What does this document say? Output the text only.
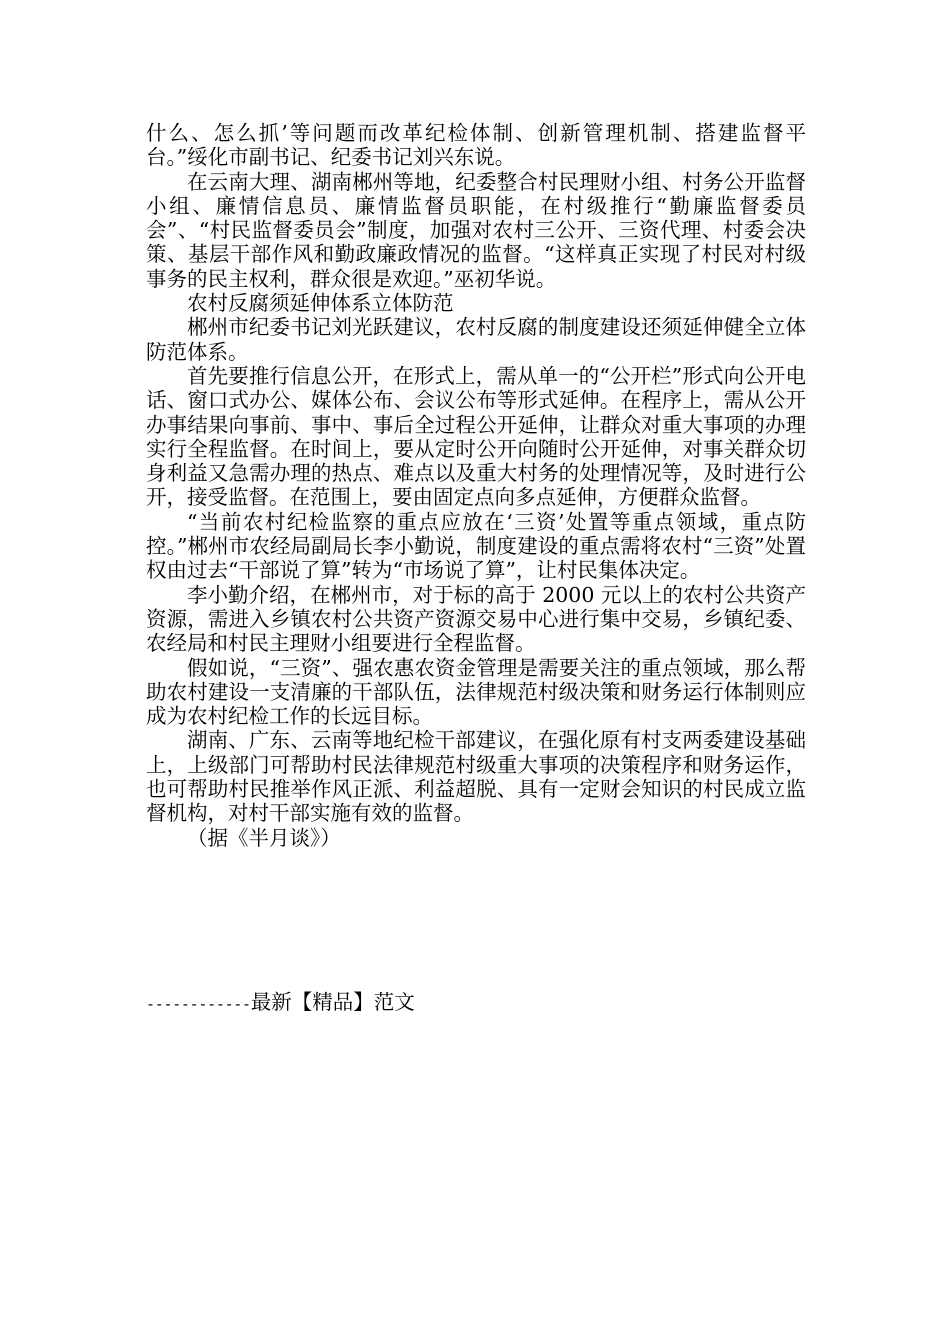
什么、怎么抓’等问题而改革纪检体制、创新管理机制、搭建监督平台。”绥化市副书记、纪委书记刘兴东说。

在云南大理、湖南郴州等地，纪委整合村民理财小组、村务公开监督小组、廉情信息员、廉情监督员职能，在村级推行“勤廉监督委员会”、“村民监督委员会”制度，加强对农村三公开、三资代理、村委会决策、基层干部作风和勤政廉政情况的监督。“这样真正实现了村民对村级事务的民主权利，群众很是欢迎。”巫初华说。

农村反腐须延伸体系立体防范

郴州市纪委书记刘光跃建议，农村反腐的制度建设还须延伸健全立体防范体系。

首先要推行信息公开，在形式上，需从单一的“公开栏”形式向公开电话、窗口式办公、媒体公布、会议公布等形式延伸。在程序上，需从公开办事结果向事前、事中、事后全过程公开延伸，让群众对重大事项的办理实行全程监督。在时间上，要从定时公开向随时公开延伸，对事关群众切身利益又急需办理的热点、难点以及重大村务的处理情况等，及时进行公开，接受监督。在范围上，要由固定点向多点延伸，方便群众监督。

“当前农村纪检监察的重点应放在‘三资’处置等重点领域，重点防控。”郴州市农经局副局长李小勤说，制度建设的重点需将农村“三资”处置权由过去“干部说了算”转为“市场说了算”，让村民集体决定。

李小勤介绍，在郴州市，对于标的高于 2000 元以上的农村公共资产资源，需进入乡镇农村公共资产资源交易中心进行集中交易，乡镇纪委、农经局和村民主理财小组要进行全程监督。

假如说，“三资”、强农惠农资金管理是需要关注的重点领域，那么帮助农村建设一支清廉的干部队伍，法律规范村级决策和财务运行体制则应成为农村纪检工作的长远目标。

湖南、广东、云南等地纪检干部建议，在强化原有村支两委建设基础上，上级部门可帮助村民法律规范村级重大事项的决策程序和财务运作，也可帮助村民推举作风正派、利益超脱、具有一定财会知识的村民成立监督机构，对村干部实施有效的监督。

（据《半月谈》）

------------最新【精品】范文
